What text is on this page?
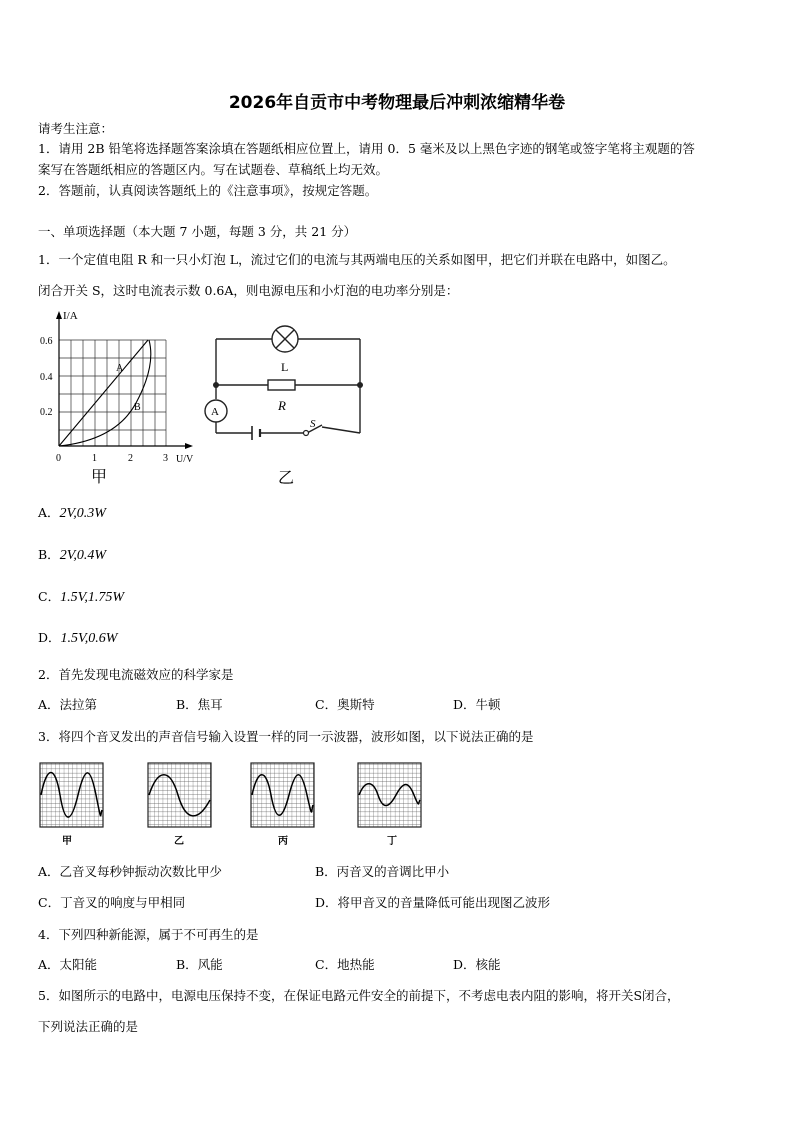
2026年自贡市中考物理最后冲刺浓缩精华卷
请考生注意：
1．请用 2B 铅笔将选择题答案涂填在答题纸相应位置上，请用 0．5 毫米及以上黑色字迹的钢笔或签字笔将主观题的答
案写在答题纸相应的答题区内。写在试题卷、草稿纸上均无效。
2．答题前，认真阅读答题纸上的《注意事项》，按规定答题。
一、单项选择题（本大题 7 小题，每题 3 分，共 21 分）
1．一个定值电阻 R 和一只小灯泡 L，流过它们的电流与其两端电压的关系如图甲，把它们并联在电路中，如图乙。
闭合开关 S，这时电流表示数 0.6A，则电源电压和小灯泡的电功率分别是：
I/A
0.6
0.4
0.2
0	1	2	3 U/V
A
B
甲
L
R
A
S
乙
A．2V,0.3W
B．2V,0.4W
C．1.5V,1.75W
D．1.5V,0.6W
2．首先发现电流磁效应的科学家是
A．法拉第	B．焦耳	C．奥斯特	D．牛顿
3．将四个音叉发出的声音信号输入设置一样的同一示波器，波形如图，以下说法正确的是
甲	乙	丙	丁
A．乙音叉每秒钟振动次数比甲少	B．丙音叉的音调比甲小
C．丁音叉的响度与甲相同	D．将甲音叉的音量降低可能出现图乙波形
4．下列四种新能源，属于不可再生的是
A．太阳能	B．风能	C．地热能	D．核能
5．如图所示的电路中，电源电压保持不变，在保证电路元件安全的前提下，不考虑电表内阻的影响，将开关S闭合，
下列说法正确的是
